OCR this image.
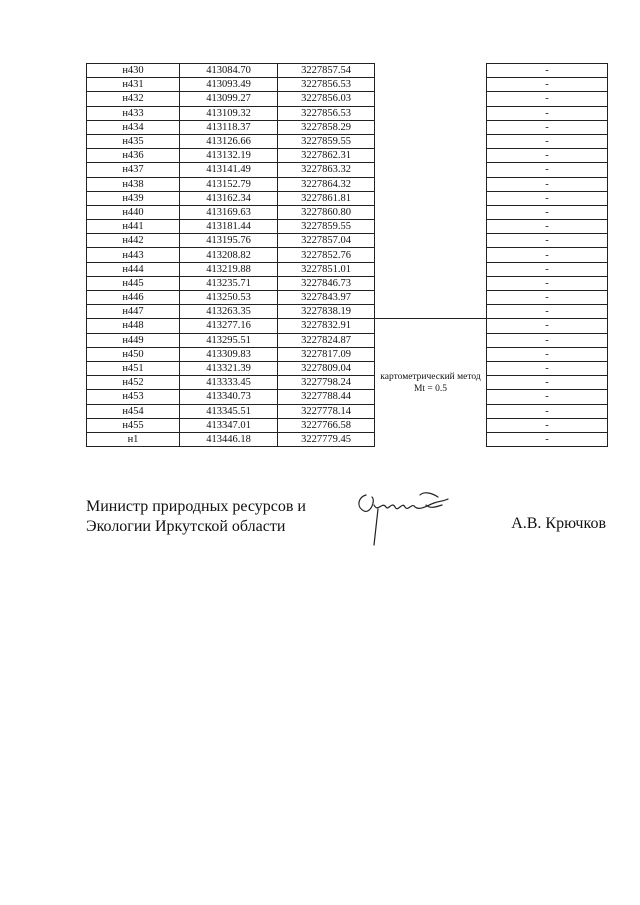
н430	413084.70	3227857.54		-
н431	413093.49	3227856.53		-
н432	413099.27	3227856.03		-
н433	413109.32	3227856.53		-
н434	413118.37	3227858.29		-
н435	413126.66	3227859.55		-
н436	413132.19	3227862.31		-
н437	413141.49	3227863.32		-
н438	413152.79	3227864.32		-
н439	413162.34	3227861.81		-
н440	413169.63	3227860.80		-
н441	413181.44	3227859.55		-
н442	413195.76	3227857.04		-
н443	413208.82	3227852.76		-
н444	413219.88	3227851.01		-
н445	413235.71	3227846.73		-
н446	413250.53	3227843.97		-
н447	413263.35	3227838.19		-
н448	413277.16	3227832.91	картометрический метод Mt = 0.5	-
н449	413295.51	3227824.87		-
н450	413309.83	3227817.09		-
н451	413321.39	3227809.04		-
н452	413333.45	3227798.24		-
н453	413340.73	3227788.44		-
н454	413345.51	3227778.14		-
н455	413347.01	3227766.58		-
н1	413446.18	3227779.45		-
Министр природных ресурсов и
Экологии Иркутской области	А.В. Крючков
